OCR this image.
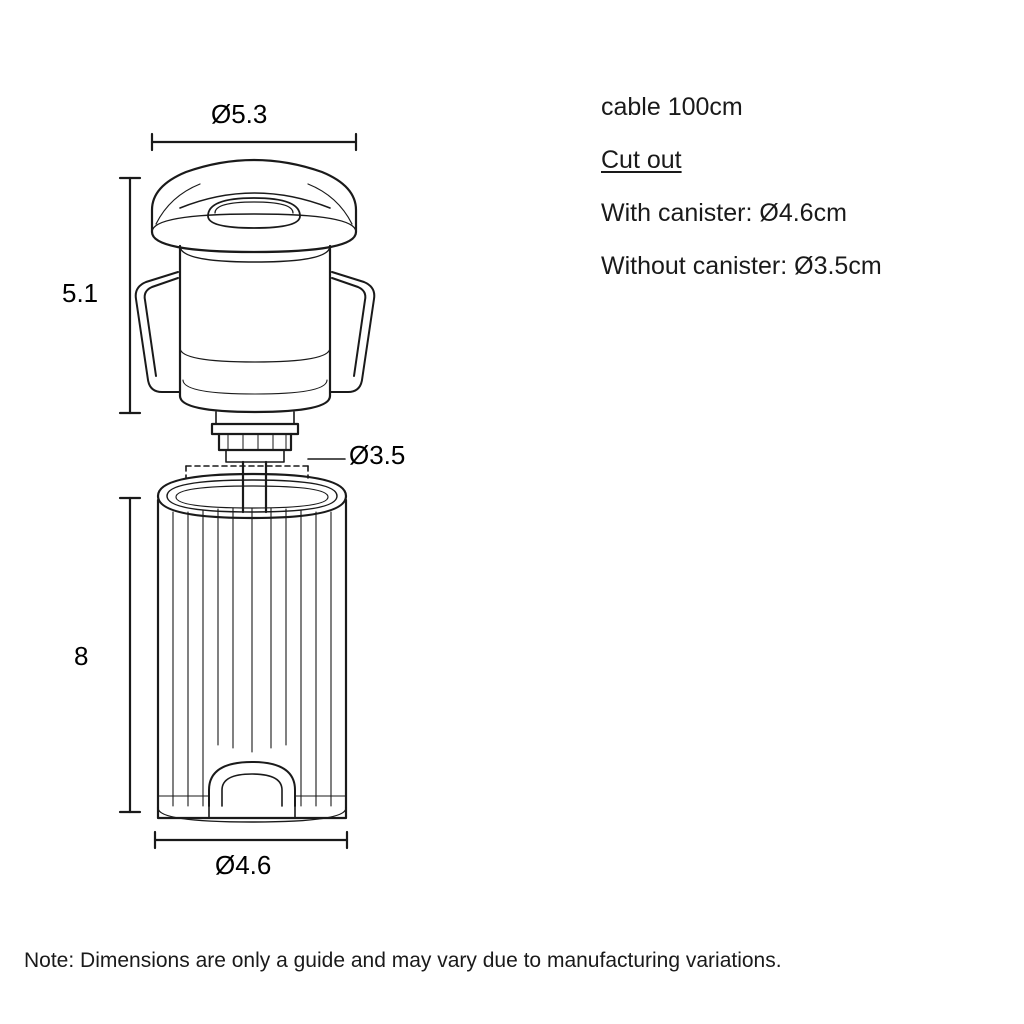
Ø5.3
5.1
Ø3.5
8
Ø4.6
cable 100cm
Cut out
With canister: Ø4.6cm
Without canister: Ø3.5cm
Note: Dimensions are only a guide and may vary due to manufacturing variations.
